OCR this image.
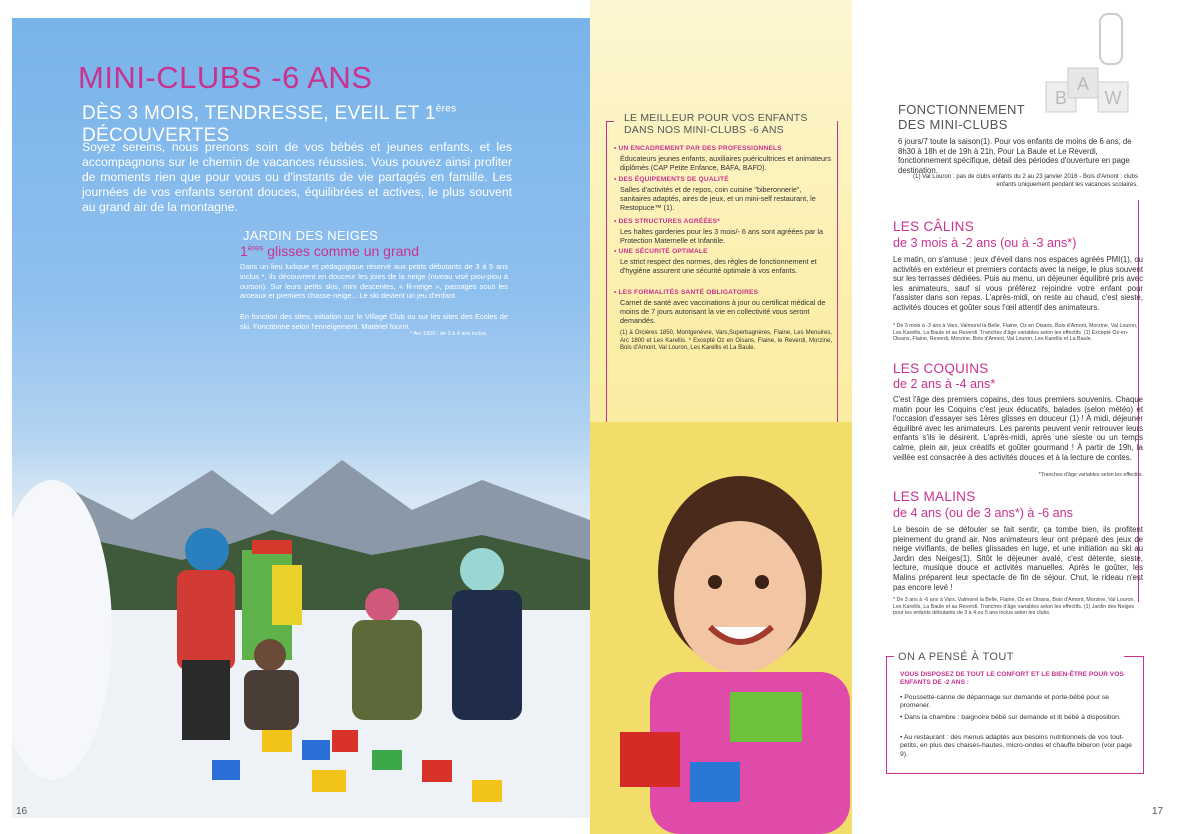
MINI-CLUBS -6 ANS
DÈS 3 MOIS, TENDRESSE, EVEIL ET 1ères DÉCOUVERTES

Soyez sereins, nous prenons soin de vos bébés et jeunes enfants, et les accompagnons sur le chemin de vacances réussies. Vous pouvez ainsi profiter de moments rien que pour vous ou d'instants de vie partagés en famille. Les journées de vos enfants seront douces, équilibrées et actives, le plus souvent au grand air de la montagne.

JARDIN DES NEIGES
1ères glisses comme un grand

Dans un lieu ludique et pédagogique réservé aux petits débutants de 3 à 5 ans inclus *, ils découvrent en douceur les joies de la neige (niveau visé piou-piou à ourson). Sur leurs petits skis, mini descentes, « fil-neige », passages sous les arceaux et premiers chasse-neige... Le ski devient un jeu d'enfant.

En fonction des sites, initiation sur le Village Club ou sur les sites des Ecoles de ski. Fonctionne selon l'enneigement. Matériel fourni.

* Arc 1800 : de 3 à 4 ans inclus.
16
LE MEILLEUR POUR VOS ENFANTS
DANS NOS MINI-CLUBS -6 ANS
• UN ENCADREMENT PAR DES PROFESSIONNELS

Éducateurs jeunes enfants, auxiliaires puéricultrices et animateurs diplômés (CAP Petite Enfance, BAFA, BAFD).

• DES ÉQUIPEMENTS DE QUALITÉ

Salles d'activités et de repos, coin cuisine "biberonnerie", sanitaires adaptés, aires de jeux, et un mini-self restaurant, le Restopuce™ (1).

• DES STRUCTURES AGRÉÉES*

Les haltes garderies pour les 3 mois/- 6 ans sont agréées par la Protection Maternelle et Infantile.

• UNE SÉCURITÉ OPTIMALE

Le strict respect des normes, des règles de fonctionnement et d'hygiène assurent une sécurité optimale à vos enfants.

• LES FORMALITÉS SANTÉ OBLIGATOIRES

Carnet de santé avec vaccinations à jour ou certificat médical de moins de 7 jours autorisant la vie en collectivité vous seront demandés.

(1) à Orcières 1850, Montgenèvre, Vars,Superbagnères, Flaine, Les Menuires, Arc 1800 et Les Karellis. * Excepté Oz en Oisans, Flaine, le Reverdi, Morzine, Bois d'Amont, Val Louron, Les Karellis et La Baule.

B
A
W
FONCTIONNEMENT
DES MINI-CLUBS

6 jours/7 toute la saison(1). Pour vos enfants de moins de 6 ans, de 8h30 à 18h et de 19h à 21h. Pour La Baule et Le Reverdi, fonctionnement spécifique, détail des périodes d'ouverture en page destination.

(1) Val Louron : pas de clubs enfants du 2 au 23 janvier 2016 - Bois d'Amont : clubs enfants uniquement pendant les vacances scolaires.

LES CÂLINS
de 3 mois à -2 ans (ou à -3 ans*)

Le matin, on s'amuse : jeux d'éveil dans nos espaces agréés PMI(1), ou activités en extérieur et premiers contacts avec la neige, le plus souvent sur les terrasses dédiées. Puis au menu, un déjeuner équilibré pris avec les animateurs, sauf si vous préférez rejoindre votre enfant pour l'assister dans son repas. L'après-midi, on reste au chaud, c'est sieste, activités douces et goûter sous l'œil attentif des animateurs.

* De 3 mois à -3 ans à Vars, Valmorel la Belle, Flaine, Oz en Oisans, Bois d'Amont, Morzine, Val Louron, Les Karellis, La Baule et au Reverdi. Tranches d'âge variables selon les effectifs. (1) Excepté Oz-en-Oisans, Flaine, Reverdi, Morzine, Bois d'Amont, Val Louron, Les Karellis et La Baule.

LES COQUINS
de 2 ans à -4 ans*

C'est l'âge des premiers copains, des tous premiers souvenirs. Chaque matin pour les Coquins c'est jeux éducatifs, balades (selon météo) et l'occasion d'essayer ses 1ères glisses en douceur (1) ! À midi, déjeuner équilibré avec les animateurs. Les parents peuvent venir retrouver leurs enfants s'ils le désirent. L'après-midi, après une sieste ou un temps calme, plein air, jeux créatifs et goûter gourmand ! À partir de 19h, la veillée est consacrée à des activités douces et à la lecture de contes.

*Tranches d'âge variables selon les effectifs.

LES MALINS
de 4 ans (ou de 3 ans*) à -6 ans

Le besoin de se défouler se fait sentir, ça tombe bien, ils profitent pleinement du grand air. Nos animateurs leur ont préparé des jeux de neige vivifiants, de belles glissades en luge, et une initiation au ski au Jardin des Neiges(1). Sitôt le déjeuner avalé, c'est détente, sieste, lecture, musique douce et activités manuelles. Après le goûter, les Malins préparent leur spectacle de fin de séjour. Chut, le rideau n'est pas encore levé !

* De 3 ans à -6 ans à Vars, Valmorel la Belle, Flaine, Oz en Oisans, Bois d'Amont, Morzine, Val Louron, Les Karellis, La Baule et au Reverdi. Tranches d'âge variables selon les effectifs. (1) Jardin des Neiges pour les enfants débutants de 3 à 4 ou 5 ans inclus selon les clubs.

ON A PENSÉ À TOUT

VOUS DISPOSEZ DE TOUT LE CONFORT ET LE BIEN-ÊTRE POUR VOS ENFANTS DE -2 ANS :

• Poussette-canne de dépannage sur demande et porte-bébé pour se promener.

• Dans la chambre : baignoire bébé sur demande et lit bébé à disposition.

• Au restaurant : des menus adaptés aux besoins nutritionnels de vos tout-petits, en plus des chaises-hautes, micro-ondes et chauffe biberon (voir page 9).

17
